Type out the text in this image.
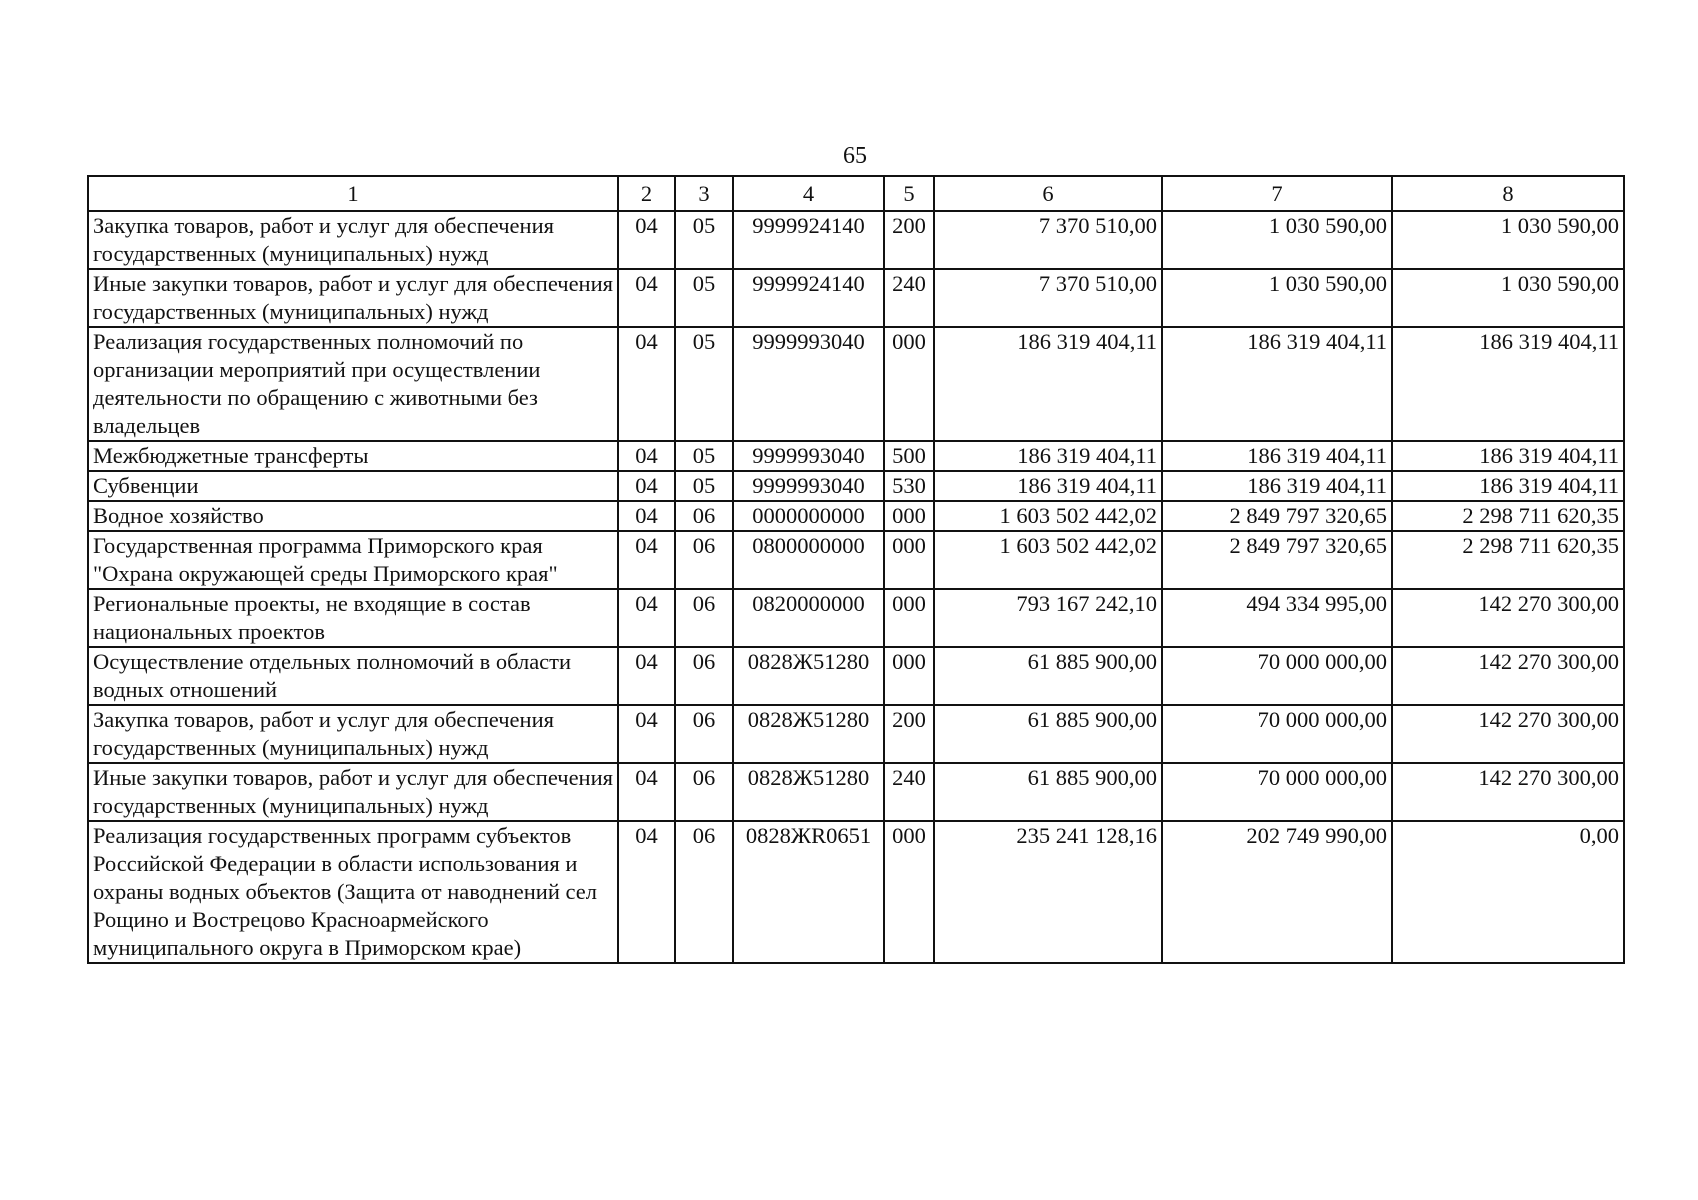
65
1	2	3	4	5	6	7	8
Закупка товаров, работ и услуг для обеспечения государственных (муниципальных) нужд	04	05	9999924140	200	7 370 510,00	1 030 590,00	1 030 590,00
Иные закупки товаров, работ и услуг для обеспечения государственных (муниципальных) нужд	04	05	9999924140	240	7 370 510,00	1 030 590,00	1 030 590,00
Реализация государственных полномочий по организации мероприятий при осуществлении деятельности по обращению с животными без владельцев	04	05	9999993040	000	186 319 404,11	186 319 404,11	186 319 404,11
Межбюджетные трансферты	04	05	9999993040	500	186 319 404,11	186 319 404,11	186 319 404,11
Субвенции	04	05	9999993040	530	186 319 404,11	186 319 404,11	186 319 404,11
Водное хозяйство	04	06	0000000000	000	1 603 502 442,02	2 849 797 320,65	2 298 711 620,35
Государственная программа Приморского края "Охрана окружающей среды Приморского края"	04	06	0800000000	000	1 603 502 442,02	2 849 797 320,65	2 298 711 620,35
Региональные проекты, не входящие в состав национальных проектов	04	06	0820000000	000	793 167 242,10	494 334 995,00	142 270 300,00
Осуществление отдельных полномочий в области водных отношений	04	06	0828Ж51280	000	61 885 900,00	70 000 000,00	142 270 300,00
Закупка товаров, работ и услуг для обеспечения государственных (муниципальных) нужд	04	06	0828Ж51280	200	61 885 900,00	70 000 000,00	142 270 300,00
Иные закупки товаров, работ и услуг для обеспечения государственных (муниципальных) нужд	04	06	0828Ж51280	240	61 885 900,00	70 000 000,00	142 270 300,00
Реализация государственных программ субъектов Российской Федерации в области использования и охраны водных объектов (Защита от наводнений сел Рощино и Вострецово Красноармейского муниципального округа в Приморском крае)	04	06	0828ЖR0651	000	235 241 128,16	202 749 990,00	0,00
